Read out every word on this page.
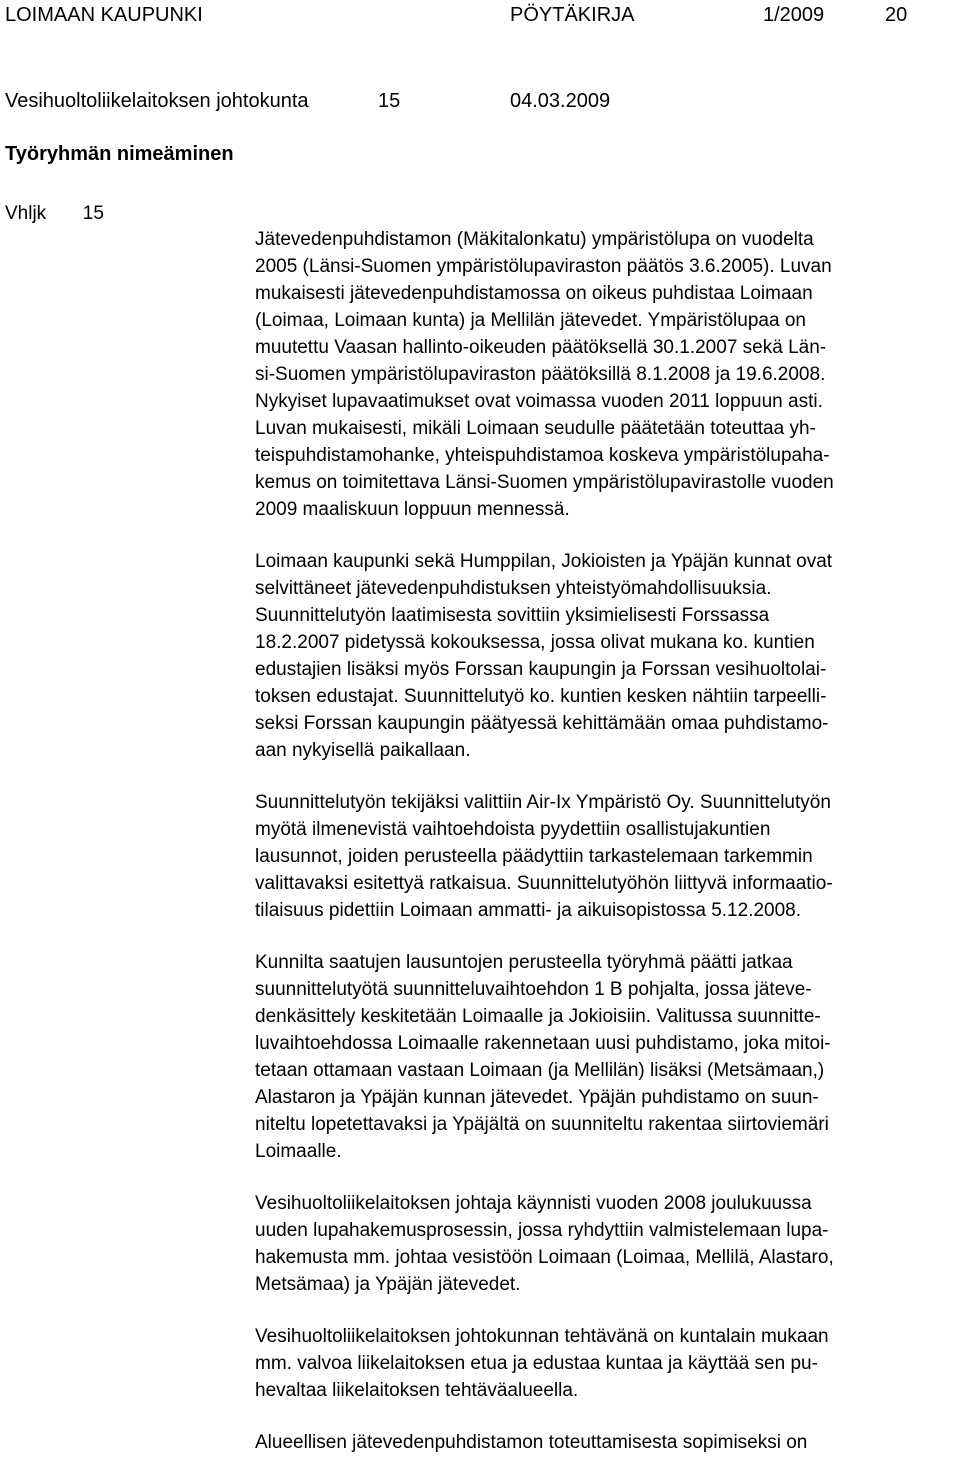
LOIMAAN KAUPUNKI	PÖYTÄKIRJA	1/2009	20
Vesihuoltoliikelaitoksen johtokunta	15	04.03.2009
Työryhmän nimeäminen
Vhljk 15
Jätevedenpuhdistamon (Mäkitalonkatu) ympäristölupa on vuodelta
2005 (Länsi-Suomen ympäristölupaviraston päätös 3.6.2005). Luvan
mukaisesti jätevedenpuhdistamossa on oikeus puhdistaa Loimaan
(Loimaa, Loimaan kunta) ja Mellilän jätevedet. Ympäristölupaa on
muutettu Vaasan hallinto-oikeuden päätöksellä 30.1.2007 sekä Län-
si-Suomen ympäristölupaviraston päätöksillä 8.1.2008 ja 19.6.2008.
Nykyiset lupavaatimukset ovat voimassa vuoden 2011 loppuun asti.
Luvan mukaisesti, mikäli Loimaan seudulle päätetään toteuttaa yh-
teispuhdistamohanke, yhteispuhdistamoa koskeva ympäristölupaha-
kemus on toimitettava Länsi-Suomen ympäristölupavirastolle vuoden
2009 maaliskuun loppuun mennessä.
Loimaan kaupunki sekä Humppilan, Jokioisten ja Ypäjän kunnat ovat
selvittäneet jätevedenpuhdistuksen yhteistyömahdollisuuksia.
Suunnittelutyön laatimisesta sovittiin yksimielisesti Forssassa
18.2.2007 pidetyssä kokouksessa, jossa olivat mukana ko. kuntien
edustajien lisäksi myös Forssan kaupungin ja Forssan vesihuoltolai-
toksen edustajat. Suunnittelutyö ko. kuntien kesken nähtiin tarpeelli-
seksi Forssan kaupungin päätyessä kehittämään omaa puhdistamo-
aan nykyisellä paikallaan.
Suunnittelutyön tekijäksi valittiin Air-Ix Ympäristö Oy. Suunnittelutyön
myötä ilmenevistä vaihtoehdoista pyydettiin osallistujakuntien
lausunnot, joiden perusteella päädyttiin tarkastelemaan tarkemmin
valittavaksi esitettyä ratkaisua. Suunnittelutyöhön liittyvä informaatio-
tilaisuus pidettiin Loimaan ammatti- ja aikuisopistossa 5.12.2008.
Kunnilta saatujen lausuntojen perusteella työryhmä päätti jatkaa
suunnittelutyötä suunnitteluvaihtoehdon 1 B pohjalta, jossa jäteve-
denkäsittely keskitetään Loimaalle ja Jokioisiin. Valitussa suunnitte-
luvaihtoehdossa Loimaalle rakennetaan uusi puhdistamo, joka mitoi-
tetaan ottamaan vastaan Loimaan (ja Mellilän) lisäksi (Metsämaan,)
Alastaron ja Ypäjän kunnan jätevedet. Ypäjän puhdistamo on suun-
niteltu lopetettavaksi ja Ypäjältä on suunniteltu rakentaa siirtoviemäri
Loimaalle.
Vesihuoltoliikelaitoksen johtaja käynnisti vuoden 2008 joulukuussa
uuden lupahakemusprosessin, jossa ryhdyttiin valmistelemaan lupa-
hakemusta mm. johtaa vesistöön Loimaan (Loimaa, Mellilä, Alastaro,
Metsämaa) ja Ypäjän jätevedet.
Vesihuoltoliikelaitoksen johtokunnan tehtävänä on kuntalain mukaan
mm. valvoa liikelaitoksen etua ja edustaa kuntaa ja käyttää sen pu-
hevaltaa liikelaitoksen tehtäväalueella.
Alueellisen jätevedenpuhdistamon toteuttamisesta sopimiseksi on
